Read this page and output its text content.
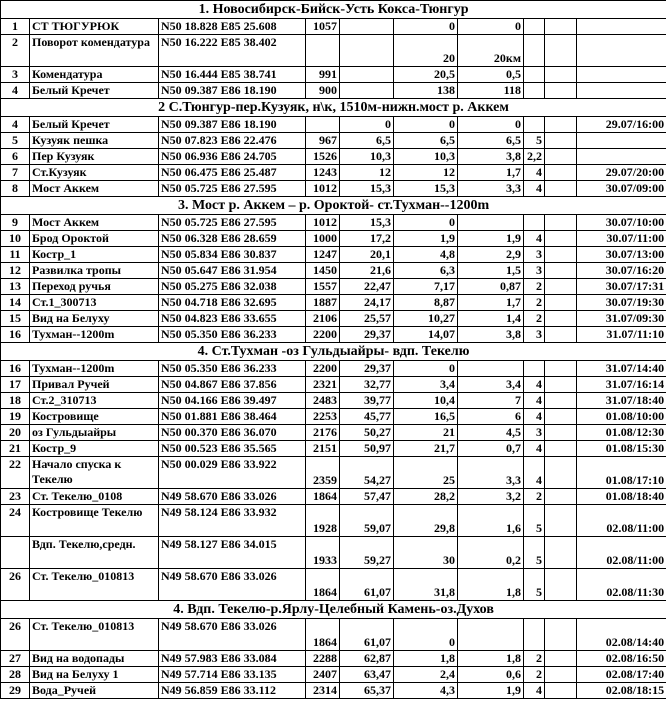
1. Новосибирск-Бийск-Усть Кокса-Тюнгур									
1	СТ ТЮГУРЮК	N50 18.828 E85 25.608	1057		0	0			
2	Поворот комендатура	N50 16.222 E85 38.402			20	20км			
3	Комендатура	N50 16.444 E85 38.741	991		20,5	0,5			
4	Белый Кречет	N50 09.387 E86 18.190	900		138	118			
2 С.Тюнгур-пер.Кузуяк, н\к, 1510м-нижн.мост р. Аккем									
4	Белый Кречет	N50 09.387 E86 18.190		0	0	0			29.07/16:00
5	Кузуяк пешка	N50 07.823 E86 22.476	967	6,5	6,5	6,5	5		
6	Пер Кузуяк	N50 06.936 E86 24.705	1526	10,3	10,3	3,8	2,2		
7	Ст.Кузуяк	N50 06.475 E86 25.487	1243	12	12	1,7	4		29.07/20:00
8	Мост Аккем	N50 05.725 E86 27.595	1012	15,3	15,3	3,3	4		30.07/09:00
3. Мост р. Аккем – р. Ороктой- ст.Тухман--1200m									
9	Мост Аккем	N50 05.725 E86 27.595	1012	15,3	0				30.07/10:00
10	Брод Ороктой	N50 06.328 E86 28.659	1000	17,2	1,9	1,9	4		30.07/11:00
11	Костр_1	N50 05.834 E86 30.837	1247	20,1	4,8	2,9	3		30.07/13:00
12	Развилка тропы	N50 05.647 E86 31.954	1450	21,6	6,3	1,5	3		30.07/16:20
13	Переход ручья	N50 05.275 E86 32.038	1557	22,47	7,17	0,87	2		30.07/17:31
14	Ст.1_300713	N50 04.718 E86 32.695	1887	24,17	8,87	1,7	2		30.07/19:30
15	Вид на Белуху	N50 04.823 E86 33.655	2106	25,57	10,27	1,4	2		31.07/09:30
16	Тухман--1200m	N50 05.350 E86 36.233	2200	29,37	14,07	3,8	3		31.07/11:10
4. Ст.Тухман -оз Гульдыайры- вдп. Текелю									
16	Тухман--1200m	N50 05.350 E86 36.233	2200	29,37	0				31.07/14:40
17	Привал Ручей	N50 04.867 E86 37.856	2321	32,77	3,4	3,4	4		31.07/16:14
18	Ст.2_310713	N50 04.166 E86 39.497	2483	39,77	10,4	7	4		31.07/18:40
19	Костровище	N50 01.881 E86 38.464	2253	45,77	16,5	6	4		01.08/10:00
20	оз Гульдыайры	N50 00.370 E86 36.070	2176	50,27	21	4,5	3		01.08/12:30
21	Костр_9	N50 00.523 E86 35.565	2151	50,97	21,7	0,7	4		01.08/15:30
22	Начало спуска к Текелю	N50 00.029 E86 33.922	2359	54,27	25	3,3	4		01.08/17:10
23	Ст. Текелю_0108	N49 58.670 E86 33.026	1864	57,47	28,2	3,2	2		01.08/18:40
24	Костровище Текелю	N49 58.124 E86 33.932	1928	59,07	29,8	1,6	5		02.08/11:00
	Вдп. Текелю,средн.	N49 58.127 E86 34.015	1933	59,27	30	0,2	5		02.08/11:00
26	Ст. Текелю_010813	N49 58.670 E86 33.026	1864	61,07	31,8	1,8	5		02.08/11:30
4. Вдп. Текелю-р.Ярлу-Целебный Камень-оз.Духов									
26	Ст. Текелю_010813	N49 58.670 E86 33.026	1864	61,07	0				02.08/14:40
27	Вид на водопады	N49 57.983 E86 33.084	2288	62,87	1,8	1,8	2		02.08/16:50
28	Вид на Белуху 1	N49 57.714 E86 33.135	2407	63,47	2,4	0,6	2		02.08/17:40
29	Вода_Ручей	N49 56.859 E86 33.112	2314	65,37	4,3	1,9	4		02.08/18:15
